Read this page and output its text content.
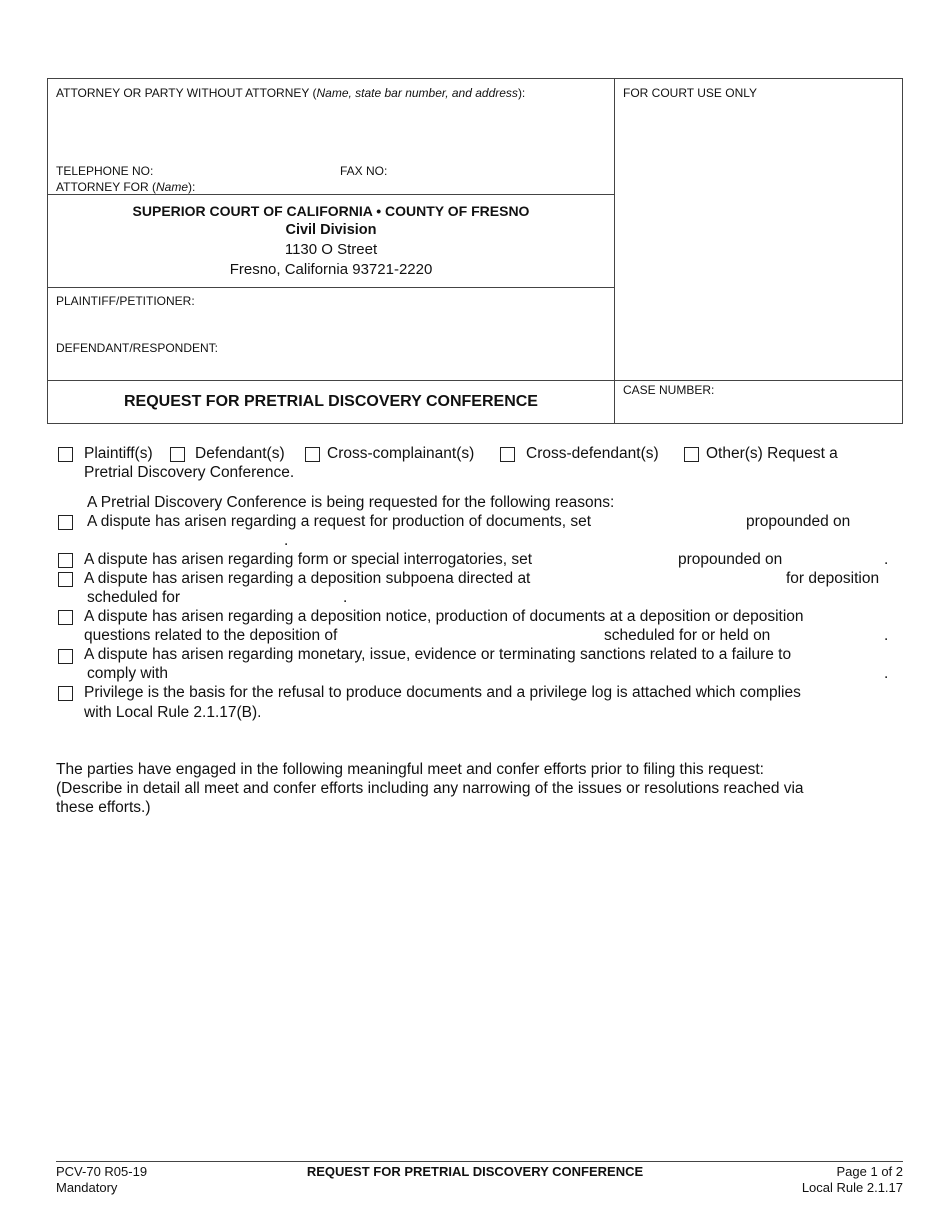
ATTORNEY OR PARTY WITHOUT ATTORNEY (Name, state bar number, and address):	FOR COURT USE ONLY
TELEPHONE NO:	FAX NO:
ATTORNEY FOR (Name):
SUPERIOR COURT OF CALIFORNIA • COUNTY OF FRESNO
Civil Division
1130 O Street
Fresno, California 93721-2220
PLAINTIFF/PETITIONER:
DEFENDANT/RESPONDENT:
REQUEST FOR PRETRIAL DISCOVERY CONFERENCE
CASE NUMBER:
Plaintiff(s)	Defendant(s)	Cross-complainant(s)	Cross-defendant(s)	Other(s) Request a
Pretrial Discovery Conference.
A Pretrial Discovery Conference is being requested for the following reasons:
A dispute has arisen regarding a request for production of documents, set	propounded on
.
A dispute has arisen regarding form or special interrogatories, set	propounded on	.
A dispute has arisen regarding a deposition subpoena directed at	for deposition
scheduled for	.
A dispute has arisen regarding a deposition notice, production of documents at a deposition or deposition
questions related to the deposition of	scheduled for or held on	.
A dispute has arisen regarding monetary, issue, evidence or terminating sanctions related to a failure to
comply with	.
Privilege is the basis for the refusal to produce documents and a privilege log is attached which complies
with Local Rule 2.1.17(B).
The parties have engaged in the following meaningful meet and confer efforts prior to filing this request:
(Describe in detail all meet and confer efforts including any narrowing of the issues or resolutions reached via
these efforts.)
PCV-70 R05-19
Mandatory
REQUEST FOR PRETRIAL DISCOVERY CONFERENCE	Page 1 of 2
Local Rule 2.1.17
